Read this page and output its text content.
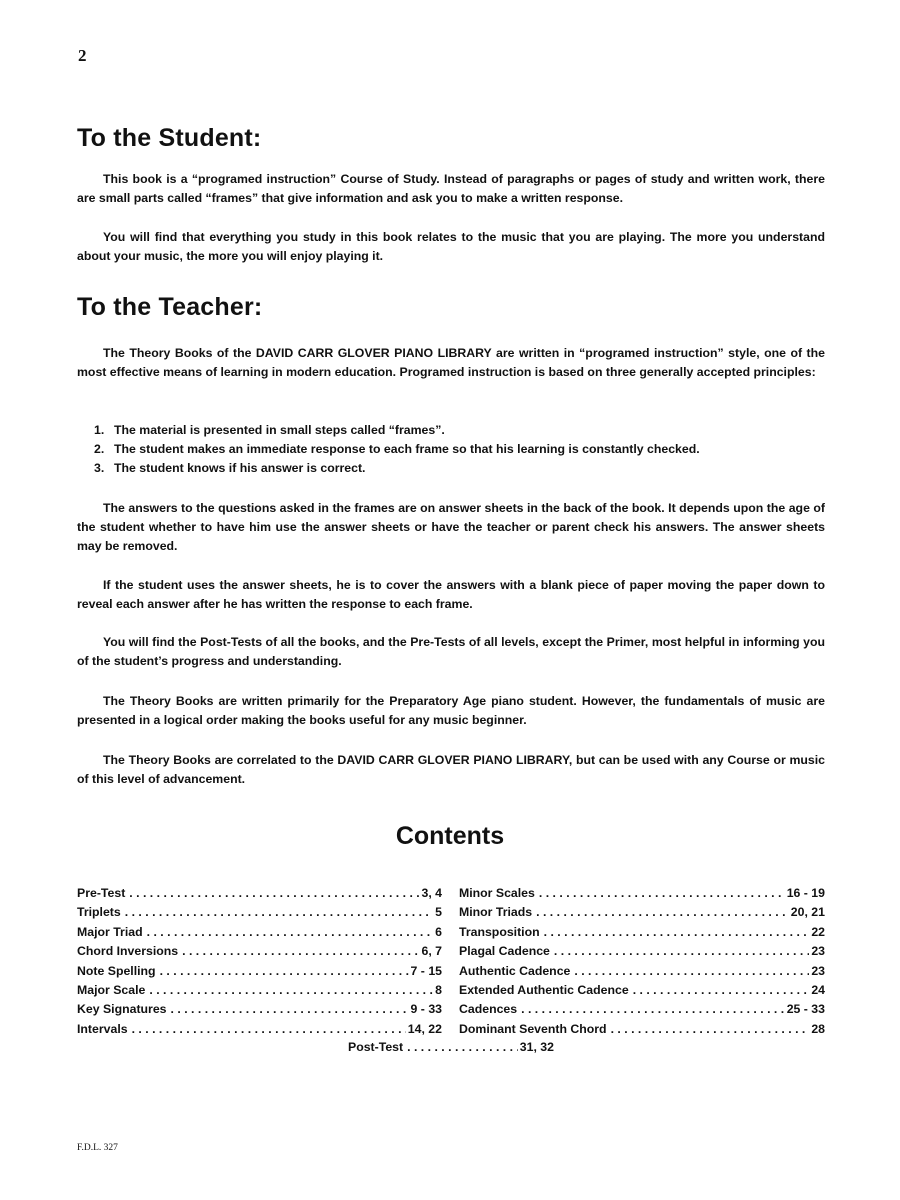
2
To the Student:

This book is a “programed instruction” Course of Study. Instead of paragraphs or pages of study and written work, there are small parts called “frames” that give information and ask you to make a written response.

You will find that everything you study in this book relates to the music that you are playing. The more you understand about your music, the more you will enjoy playing it.

To the Teacher:

The Theory Books of the DAVID CARR GLOVER PIANO LIBRARY are written in “programed instruction” style, one of the most effective means of learning in modern education. Programed instruction is based on three generally accepted principles:

1. The material is presented in small steps called “frames”.
2. The student makes an immediate response to each frame so that his learning is constantly checked.
3. The student knows if his answer is correct.

The answers to the questions asked in the frames are on answer sheets in the back of the book. It depends upon the age of the student whether to have him use the answer sheets or have the teacher or parent check his answers. The answer sheets may be removed.

If the student uses the answer sheets, he is to cover the answers with a blank piece of paper moving the paper down to reveal each answer after he has written the response to each frame.

You will find the Post-Tests of all the books, and the Pre-Tests of all levels, except the Primer, most helpful in informing you of the student’s progress and understanding.

The Theory Books are written primarily for the Preparatory Age piano student. However, the fundamentals of music are presented in a logical order making the books useful for any music beginner.

The Theory Books are correlated to the DAVID CARR GLOVER PIANO LIBRARY, but can be used with any Course or music of this level of advancement.

Contents
Pre-Test . . .	3, 4
Triplets . . .	5
Major Triad . . .	6
Chord Inversions . . .	6, 7
Note Spelling . . .	7 - 15
Major Scale . . .	8
Key Signatures . . .	9 - 33
Intervals . . .	14, 22
Minor Scales . . .	16 - 19
Minor Triads . . .	20, 21
Transposition . . .	22
Plagal Cadence . . .	23
Authentic Cadence . . .	23
Extended Authentic Cadence . . .	24
Cadences . . .	25 - 33
Dominant Seventh Chord . . .	28
Post-Test . . .	31, 32
F.D.L. 327
